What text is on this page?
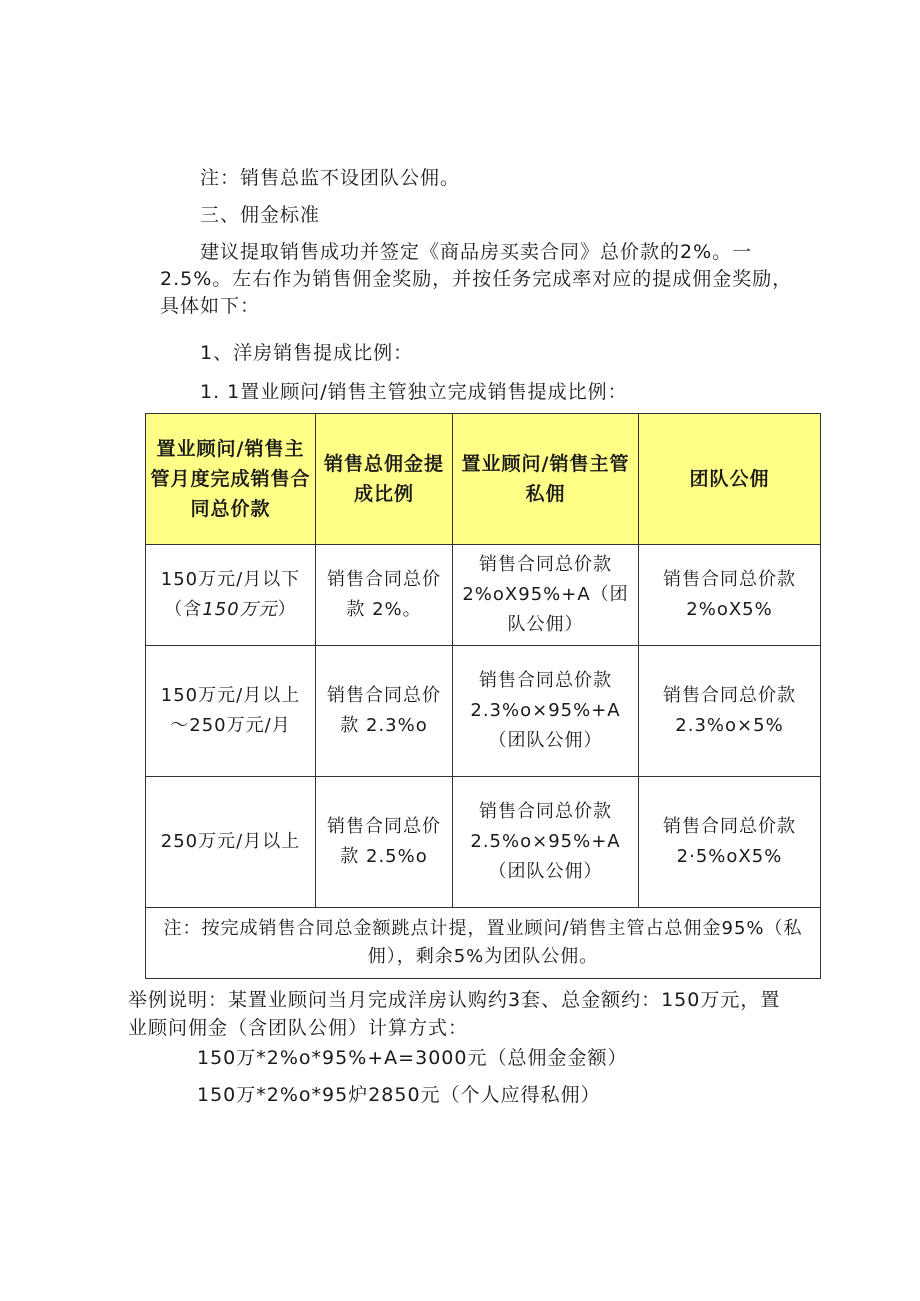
注：销售总监不设团队公佣。
三、佣金标准
建议提取销售成功并签定《商品房买卖合同》总价款的2%。一
2.5%。左右作为销售佣金奖励，并按任务完成率对应的提成佣金奖励，
具体如下：
1、洋房销售提成比例：
1. 1置业顾问/销售主管独立完成销售提成比例：
置业顾问/销售主管月度完成销售合同总价款	销售总佣金提成比例	置业顾问/销售主管私佣	团队公佣

150万元/月以下
（含150万元）	销售合同总价款 2%。	销售合同总价款 2%oX95%+A（团队公佣）	销售合同总价款 2%oX5%

150万元/月以上
～250万元/月	销售合同总价款 2.3%o	销售合同总价款 2.3%o×95%+A（团队公佣）	销售合同总价款 2.3%o×5%
250万元/月以上	销售合同总价款 2.5%o	销售合同总价款 2.5%o×95%+A（团队公佣）	销售合同总价款 2·5%oX5%
注：按完成销售合同总金额跳点计提，置业顾问/销售主管占总佣金95%（私佣），剩余5%为团队公佣。			
举例说明：某置业顾问当月完成洋房认购约3套、总金额约：150万元，置
业顾问佣金（含团队公佣）计算方式：
150万*2%o*95%+A=3000元（总佣金金额）
150万*2%o*95炉2850元（个人应得私佣）
